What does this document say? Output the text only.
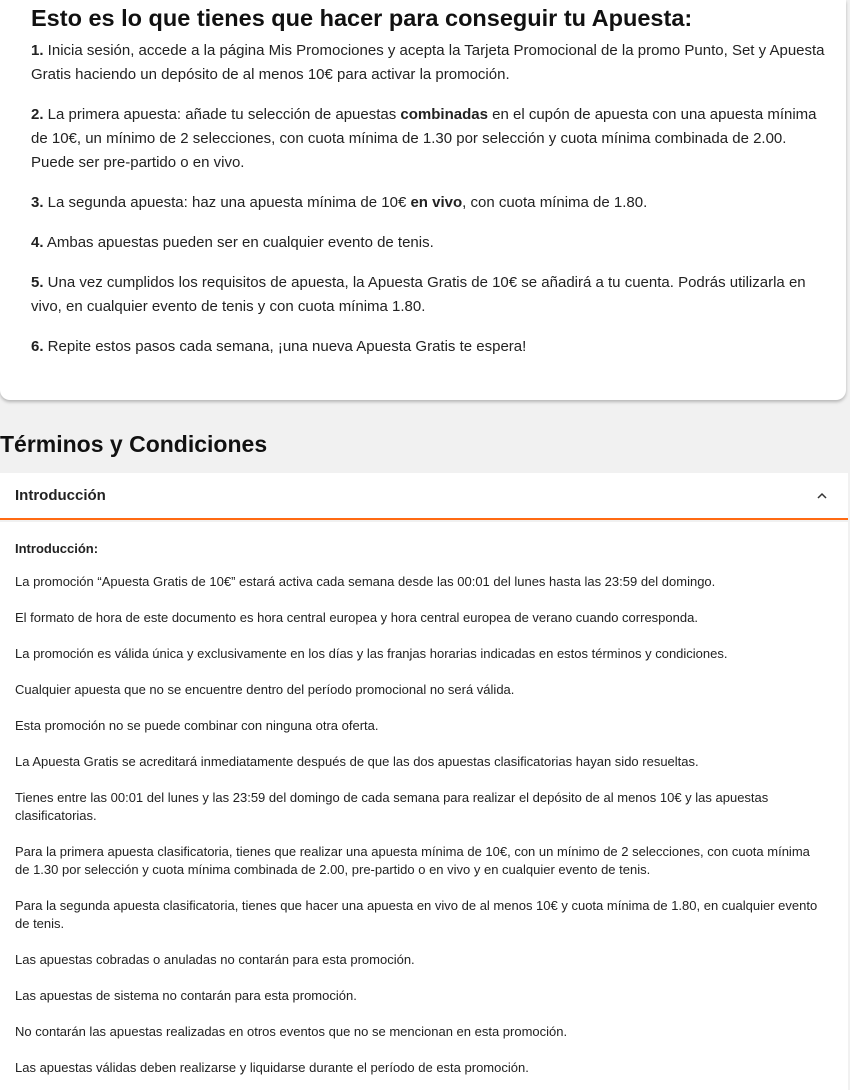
Esto es lo que tienes que hacer para conseguir tu Apuesta:
1. Inicia sesión, accede a la página Mis Promociones y acepta la Tarjeta Promocional de la promo Punto, Set y Apuesta Gratis haciendo un depósito de al menos 10€ para activar la promoción.
2. La primera apuesta: añade tu selección de apuestas combinadas en el cupón de apuesta con una apuesta mínima de 10€, un mínimo de 2 selecciones, con cuota mínima de 1.30 por selección y cuota mínima combinada de 2.00. Puede ser pre-partido o en vivo.
3. La segunda apuesta: haz una apuesta mínima de 10€ en vivo, con cuota mínima de 1.80.
4. Ambas apuestas pueden ser en cualquier evento de tenis.
5. Una vez cumplidos los requisitos de apuesta, la Apuesta Gratis de 10€ se añadirá a tu cuenta. Podrás utilizarla en vivo, en cualquier evento de tenis y con cuota mínima 1.80.
6. Repite estos pasos cada semana, ¡una nueva Apuesta Gratis te espera!
Términos y Condiciones
Introducción

Introducción:

La promoción “Apuesta Gratis de 10€” estará activa cada semana desde las 00:01 del lunes hasta las 23:59 del domingo.

El formato de hora de este documento es hora central europea y hora central europea de verano cuando corresponda.

La promoción es válida única y exclusivamente en los días y las franjas horarias indicadas en estos términos y condiciones.

Cualquier apuesta que no se encuentre dentro del período promocional no será válida.

Esta promoción no se puede combinar con ninguna otra oferta.

La Apuesta Gratis se acreditará inmediatamente después de que las dos apuestas clasificatorias hayan sido resueltas.

Tienes entre las 00:01 del lunes y las 23:59 del domingo de cada semana para realizar el depósito de al menos 10€ y las apuestas clasificatorias.

Para la primera apuesta clasificatoria, tienes que realizar una apuesta mínima de 10€, con un mínimo de 2 selecciones, con cuota mínima de 1.30 por selección y cuota mínima combinada de 2.00, pre-partido o en vivo y en cualquier evento de tenis.

Para la segunda apuesta clasificatoria, tienes que hacer una apuesta en vivo de al menos 10€ y cuota mínima de 1.80, en cualquier evento de tenis.

Las apuestas cobradas o anuladas no contarán para esta promoción.

Las apuestas de sistema no contarán para esta promoción.

No contarán las apuestas realizadas en otros eventos que no se mencionan en esta promoción.

Las apuestas válidas deben realizarse y liquidarse durante el período de esta promoción.
